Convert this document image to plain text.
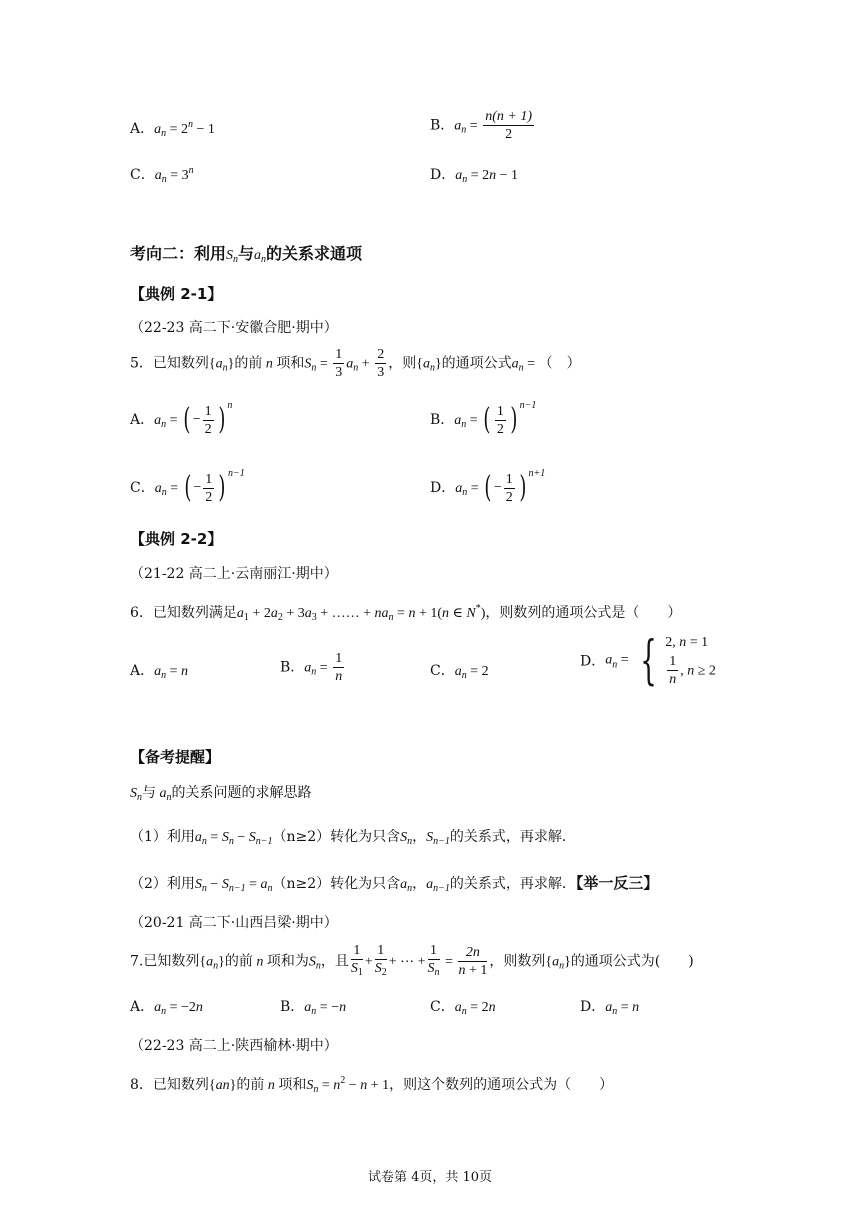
A．$a_n = 2^n - 1$	B．$a_n = \frac{n(n + 1)}{2}$
C．$a_n = 3^n$	D．$a_n = 2n - 1$
考向二：利用$S_n$与$a_n$的关系求通项
【典例 2-1】
（22-23 高二下·安徽合肥·期中）
5．已知数列$\{a_n\}$的前 n 项和$S_n = \frac{1}{3} a_n + \frac{2}{3}$ ，则$\{a_n\}$的通项公式$a_n$ = （　）
A．$a_n$ = ( − $\frac{1}{2}$ ) $^n$
B．$a_n$ = ( $\frac{1}{2}$ ) $^{n-1}$
C．$a_n$ = ( − $\frac{1}{2}$ ) $^{n-1}$
D．$a_n$ = ( − $\frac{1}{2}$ ) $^{n+1}$
【典例 2-2】
（21-22 高二上·云南丽江·期中）
6．已知数列满足$a_1 + 2a_2 + 3a_3$ + …… + $na_n = n + 1(n$ ∈ N*)，则数列的通项公式是（　　）
A．$a_n = n$	B．$a_n = \frac{1}{n}$	C．$a_n = 2$
D．$a_n$ = { 2, n = 1
$\frac{1}{n}$ , n ≥ 2
【备考提醒】
$S_n$与 $a_n$的关系问题的求解思路
（1）利用$a_n = S_n - S_{n-1}(n\ge 2)$转化为只含$S_n$，$S_{n-1}$的关系式，再求解．
（2）利用$S_n - S_{n-1} = a_n(n\ge 2)$转化为只含$a_n$，$a_{n-1}$的关系式，再求解．【举一反三】
（20-21 高二下·山西吕梁·期中）
7.已知数列$\{a_n\}$的前 n 项和为$S_n$，且 $\frac{1}{S_1} + \frac{1}{S_2}$ + ⋯ + $\frac{1}{S_n} = \frac{2n}{n + 1}$ ，则数列$\{a_n\}$的通项公式为(　　)
A．$a_n = -2n$	B．$a_n = -n$	C．$a_n = 2n$	D．$a_n = n$
（22-23 高二上·陕西榆林·期中）
8．已知数列{an}的前 n 项和$S_n = n^2 - n + 1$，则这个数列的通项公式为（　　）
试卷第 4页，共 10页
